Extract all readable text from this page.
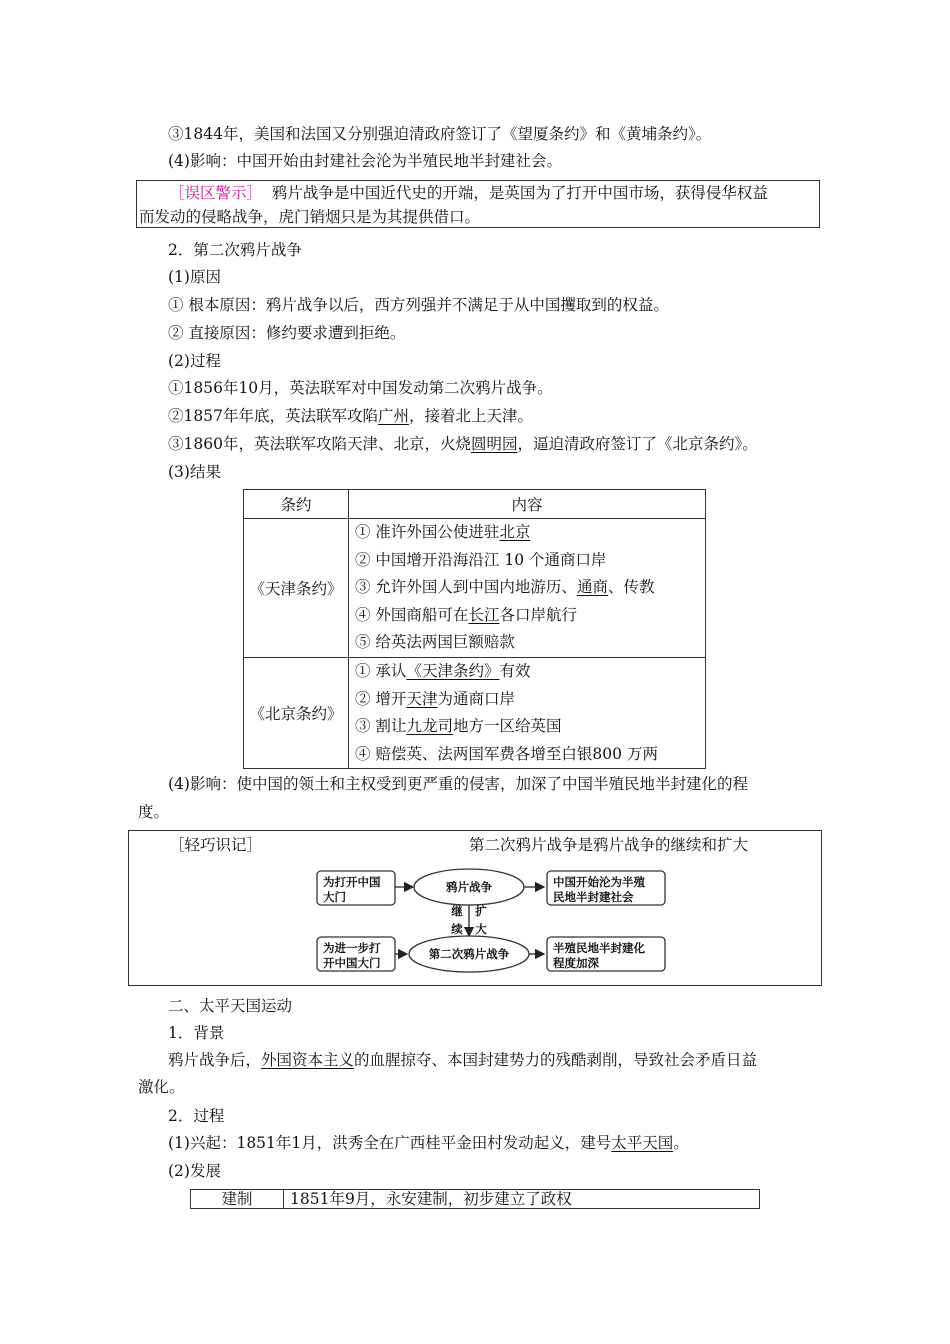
③1844年，美国和法国又分别强迫清政府签订了《望厦条约》和《黄埔条约》。
(4)影响：中国开始由封建社会沦为半殖民地半封建社会。
［误区警示］ 鸦片战争是中国近代史的开端，是英国为了打开中国市场，获得侵华权益
而发动的侵略战争，虎门销烟只是为其提供借口。
2．第二次鸦片战争
(1)原因
① 根本原因：鸦片战争以后，西方列强并不满足于从中国攫取到的权益。
② 直接原因：修约要求遭到拒绝。
(2)过程
①1856年10月，英法联军对中国发动第二次鸦片战争。
②1857年年底，英法联军攻陷广州，接着北上天津。
③1860年，英法联军攻陷天津、北京，火烧圆明园，逼迫清政府签订了《北京条约》。
(3)结果
条约	内容
《天津条约》	① 准许外国公使进驻北京
② 中国增开沿海沿江 10 个通商口岸
③ 允许外国人到中国内地游历、通商、传教
④ 外国商船可在长江各口岸航行
⑤ 给英法两国巨额赔款

《北京条约》	① 承认《天津条约》有效
② 增开天津为通商口岸
③ 割让九龙司地方一区给英国
④ 赔偿英、法两国军费各增至白银800 万两
(4)影响：使中国的领土和主权受到更严重的侵害，加深了中国半殖民地半封建化的程
度。
［轻巧识记］	第二次鸦片战争是鸦片战争的继续和扩大
为打开中国
大门
鸦片战争	中国开始沦为半殖
民地半封建社会
继
续
扩
大
为进一步打
开中国大门
第二次鸦片战争	半殖民地半封建化
程度加深
二、太平天国运动
1．背景
鸦片战争后，外国资本主义的血腥掠夺、本国封建势力的残酷剥削，导致社会矛盾日益
激化。
2．过程
(1)兴起：1851年1月，洪秀全在广西桂平金田村发动起义，建号太平天国。
(2)发展
建制	1851年9月，永安建制，初步建立了政权
